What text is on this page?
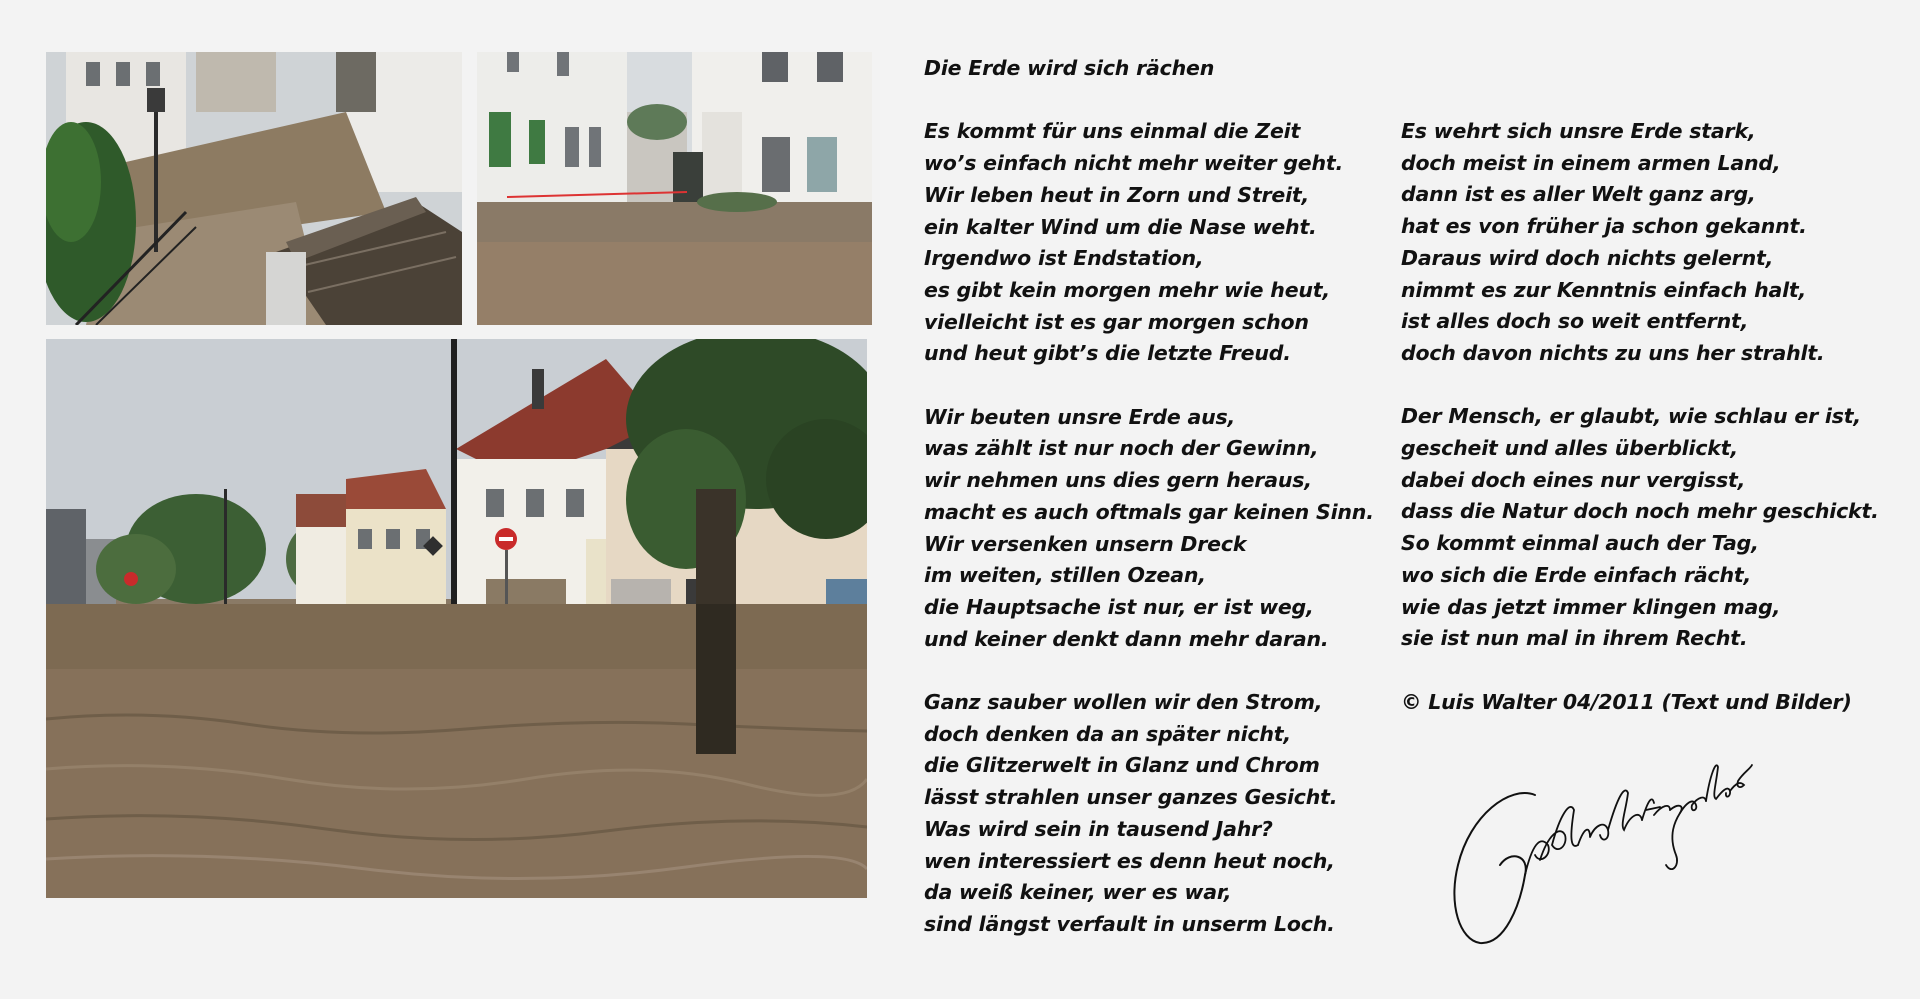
Die Erde wird sich rächen
Es kommt für uns einmal die Zeit
wo’s einfach nicht mehr weiter geht.
Wir leben heut in Zorn und Streit,
ein kalter Wind um die Nase weht.
Irgendwo ist Endstation,
es gibt kein morgen mehr wie heut,
vielleicht ist es gar morgen schon
und heut gibt’s die letzte Freud.
Wir beuten unsre Erde aus,
was zählt ist nur noch der Gewinn,
wir nehmen uns dies gern heraus,
macht es auch oftmals gar keinen Sinn.
Wir versenken unsern Dreck
im weiten, stillen Ozean,
die Hauptsache ist nur, er ist weg,
und keiner denkt dann mehr daran.
Ganz sauber wollen wir den Strom,
doch denken da an später nicht,
die Glitzerwelt in Glanz und Chrom
lässt strahlen unser ganzes Gesicht.
Was wird sein in tausend Jahr?
wen interessiert es denn heut noch,
da weiß keiner, wer es war,
sind längst verfault in unserm Loch.
Es wehrt sich unsre Erde stark,
doch meist in einem armen Land,
dann ist es aller Welt ganz arg,
hat es von früher ja schon gekannt.
Daraus wird doch nichts gelernt,
nimmt es zur Kenntnis einfach halt,
ist alles doch so weit entfernt,
doch davon nichts zu uns her strahlt.
Der Mensch, er glaubt, wie schlau er ist,
gescheit und alles überblickt,
dabei doch eines nur vergisst,
dass die Natur doch noch mehr geschickt.
So kommt einmal auch der Tag,
wo sich die Erde einfach rächt,
wie das jetzt immer klingen mag,
sie ist nun mal in ihrem Recht.
© Luis Walter 04/2011 (Text und Bilder)
